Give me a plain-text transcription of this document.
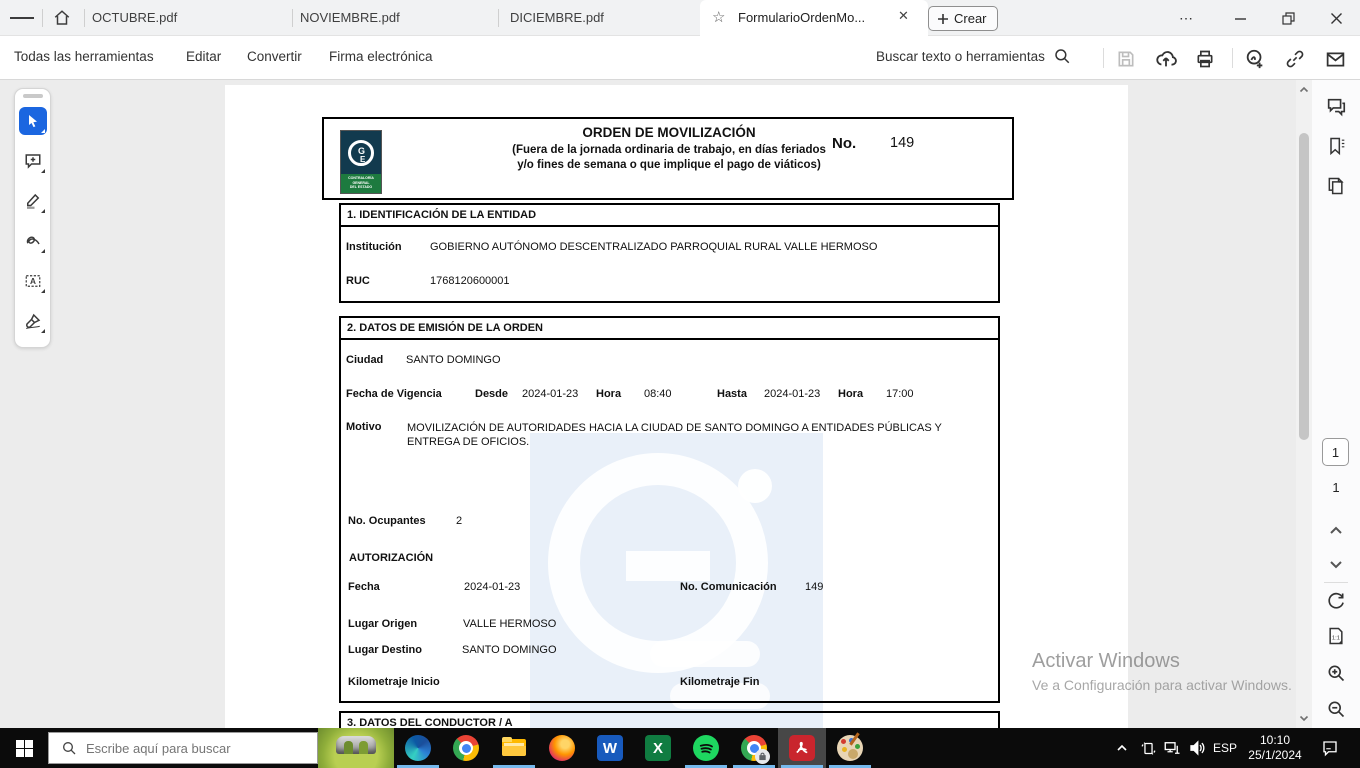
OCTUBRE.pdf	NOVIEMBRE.pdf	DICIEMBRE.pdf	☆ FormularioOrdenMo...	✕	Crear	⋯
Todas las herramientas Editar Convertir Firma electrónica	Buscar texto o herramientas
A
G
E
CONTRALORÍA
GENERAL
DEL ESTADO
ORDEN DE MOVILIZACIÓN
(Fuera de la jornada ordinaria de trabajo, en días feriados
y/o fines de semana o que implique el pago de viáticos)
No. 149
1. IDENTIFICACIÓN DE LA ENTIDAD
Institución	GOBIERNO AUTÓNOMO DESCENTRALIZADO PARROQUIAL RURAL VALLE HERMOSO
RUC	1768120600001
2. DATOS DE EMISIÓN DE LA ORDEN
Ciudad SANTO DOMINGO
Fecha de Vigencia	Desde 2024-01-23 Hora 08:40	Hasta 2024-01-23 Hora 17:00
Motivo MOVILIZACIÓN DE AUTORIDADES HACIA LA CIUDAD DE SANTO DOMINGO A ENTIDADES PÚBLICAS Y ENTREGA DE OFICIOS.
No. Ocupantes	2
AUTORIZACIÓN
Fecha	2024-01-23	No. Comunicación	149
Lugar Origen	VALLE HERMOSO
Lugar Destino	SANTO DOMINGO
Kilometraje Inicio	Kilometraje Fin
3. DATOS DEL CONDUCTOR / A
1
1
1:1
Activar Windows
Ve a Configuración para activar Windows.
Escribe aquí para buscar
W	X	ESP
10:10
25/1/2024
